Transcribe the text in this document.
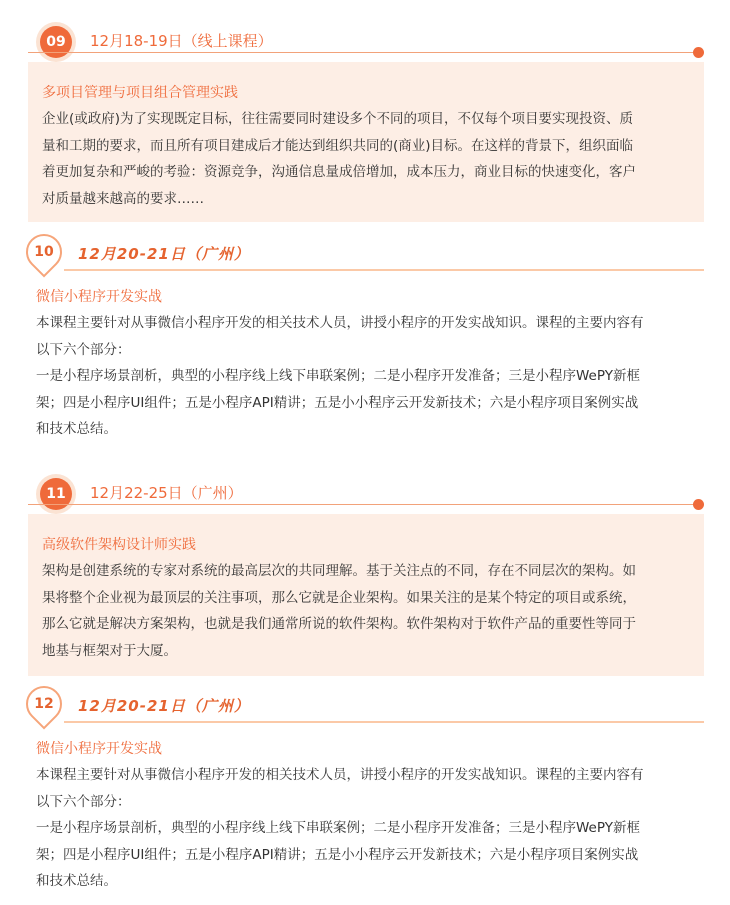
09	12月18-19日（线上课程）
多项目管理与项目组合管理实践

企业(或政府)为了实现既定目标，往往需要同时建设多个不同的项目，不仅每个项目要实现投资、质
量和工期的要求，而且所有项目建成后才能达到组织共同的(商业)目标。在这样的背景下，组织面临
着更加复杂和严峻的考验：资源竞争，沟通信息量成倍增加，成本压力，商业目标的快速变化，客户
对质量越来越高的要求……

10	12月20-21日（广州）
微信小程序开发实战

本课程主要针对从事微信小程序开发的相关技术人员，讲授小程序的开发实战知识。课程的主要内容有
以下六个部分：
一是小程序场景剖析，典型的小程序线上线下串联案例；二是小程序开发准备；三是小程序WePY新框
架；四是小程序UI组件；五是小程序API精讲；五是小小程序云开发新技术；六是小程序项目案例实战
和技术总结。

11	12月22-25日（广州）
高级软件架构设计师实践

架构是创建系统的专家对系统的最高层次的共同理解。基于关注点的不同，存在不同层次的架构。如
果将整个企业视为最顶层的关注事项，那么它就是企业架构。如果关注的是某个特定的项目或系统，
那么它就是解决方案架构，也就是我们通常所说的软件架构。软件架构对于软件产品的重要性等同于
地基与框架对于大厦。

12	12月20-21日（广州）
微信小程序开发实战

本课程主要针对从事微信小程序开发的相关技术人员，讲授小程序的开发实战知识。课程的主要内容有
以下六个部分：
一是小程序场景剖析，典型的小程序线上线下串联案例；二是小程序开发准备；三是小程序WePY新框
架；四是小程序UI组件；五是小程序API精讲；五是小小程序云开发新技术；六是小程序项目案例实战
和技术总结。
